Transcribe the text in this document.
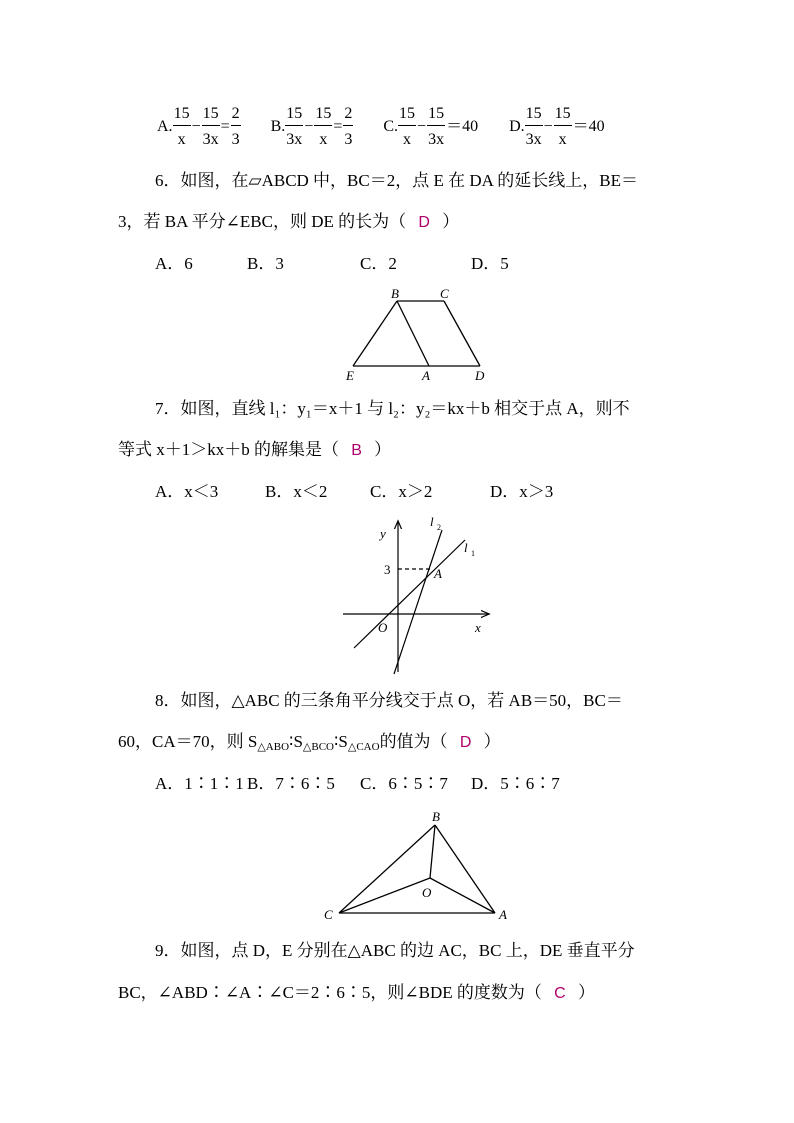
A. $\frac{15}{x} - \frac{15}{3x} = \frac{2}{3} B$. $\frac{15}{3x} - \frac{15}{x} = \frac{2}{3} C$. $\frac{15}{x} - \frac{15}{3x} =40$ D. $\frac{15}{3x} - \frac{15}{x} =40$
6．如图，在▱ABCD 中，BC＝2，点 E 在 DA 的延长线上，BE＝
3，若 BA 平分∠EBC，则 DE 的长为（ D ）
A．6	B．3	C．2	D．5
B	C
E	A	D
7．如图，直线 l₁：y₁＝x＋1 与 l₂：y₂＝kx＋b 相交于点 A，则不
等式 x＋1＞kx＋b 的解集是（ B ）
A．x＜3	B．x＜2	C．x＞2	D．x＞3
y
x
O
3	A
l 2
l 1
8．如图，△ABC 的三条角平分线交于点 O，若 AB＝50，BC＝
60，CA＝70，则 $S_{\triangle ABO}∶S_{\triangle BCO}∶S_{\triangle CAO}$的值为（ D ）
A．1∶1∶1 B．7∶6∶5 C．6∶5∶7 D．5∶6∶7
B
C
O
A
9．如图，点 D，E 分别在△ABC 的边 AC，BC 上，DE 垂直平分
BC，∠ABD∶∠A∶∠C＝2∶6∶5，则∠BDE 的度数为（ C ）
